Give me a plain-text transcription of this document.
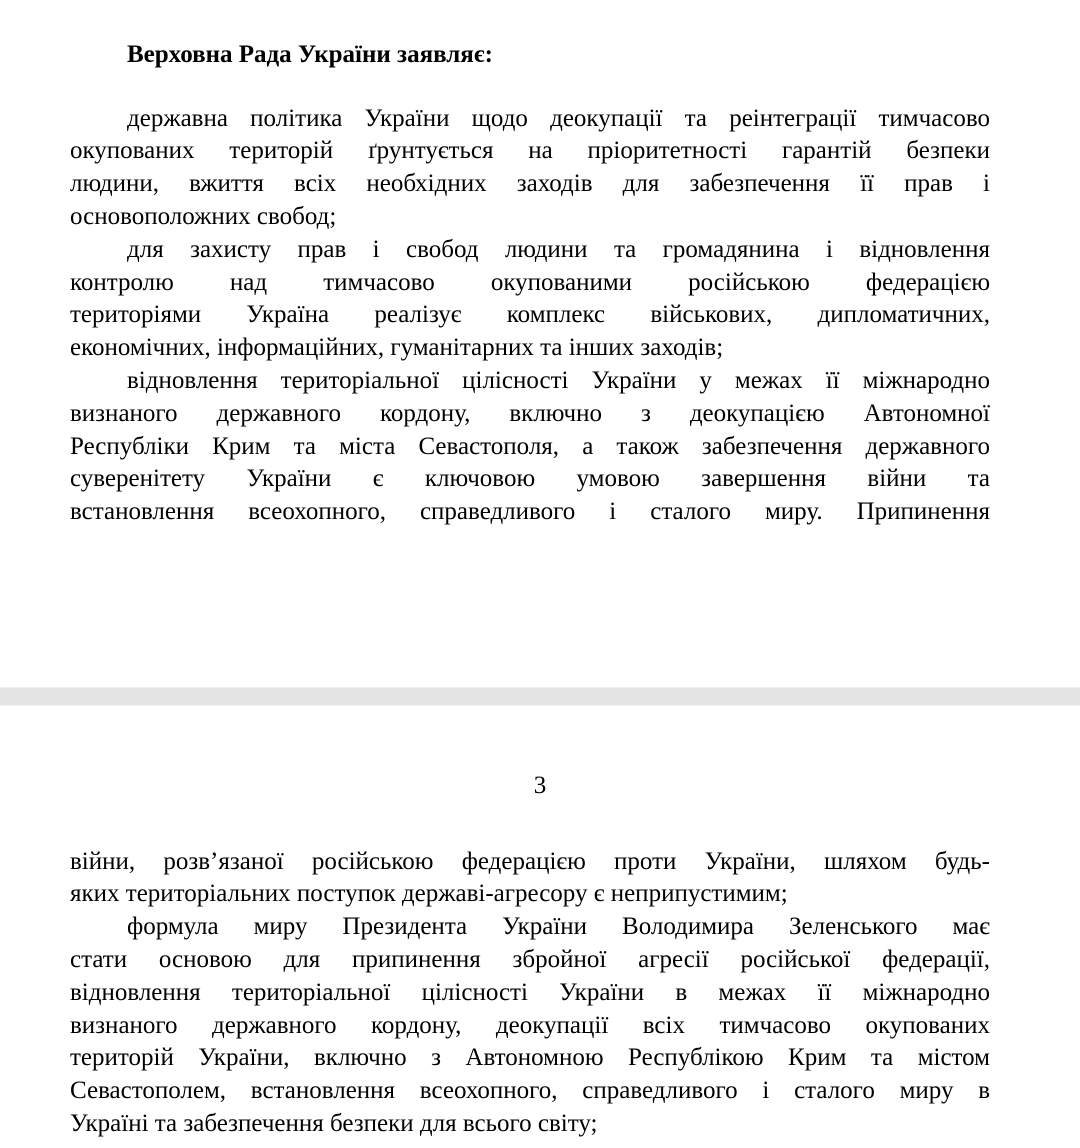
Верховна Рада України заявляє:
державна політика України щодо деокупації та реінтеграції тимчасово
окупованих територій ґрунтується на пріоритетності гарантій безпеки
людини, вжиття всіх необхідних заходів для забезпечення її прав і
основоположних свобод;
для захисту прав і свобод людини та громадянина і відновлення
контролю над тимчасово окупованими російською федерацією
територіями Україна реалізує комплекс військових, дипломатичних,
економічних, інформаційних, гуманітарних та інших заходів;
відновлення територіальної цілісності України у межах її міжнародно
визнаного державного кордону, включно з деокупацією Автономної
Республіки Крим та міста Севастополя, а також забезпечення державного
суверенітету України є ключовою умовою завершення війни та
встановлення всеохопного, справедливого і сталого миру. Припинення
3
війни, розв’язаної російською федерацією проти України, шляхом будь-
яких територіальних поступок державі-агресору є неприпустимим;
формула миру Президента України Володимира Зеленського має
стати основою для припинення збройної агресії російської федерації,
відновлення територіальної цілісності України в межах її міжнародно
визнаного державного кордону, деокупації всіх тимчасово окупованих
територій України, включно з Автономною Республікою Крим та містом
Севастополем, встановлення всеохопного, справедливого і сталого миру в
Україні та забезпечення безпеки для всього світу;
